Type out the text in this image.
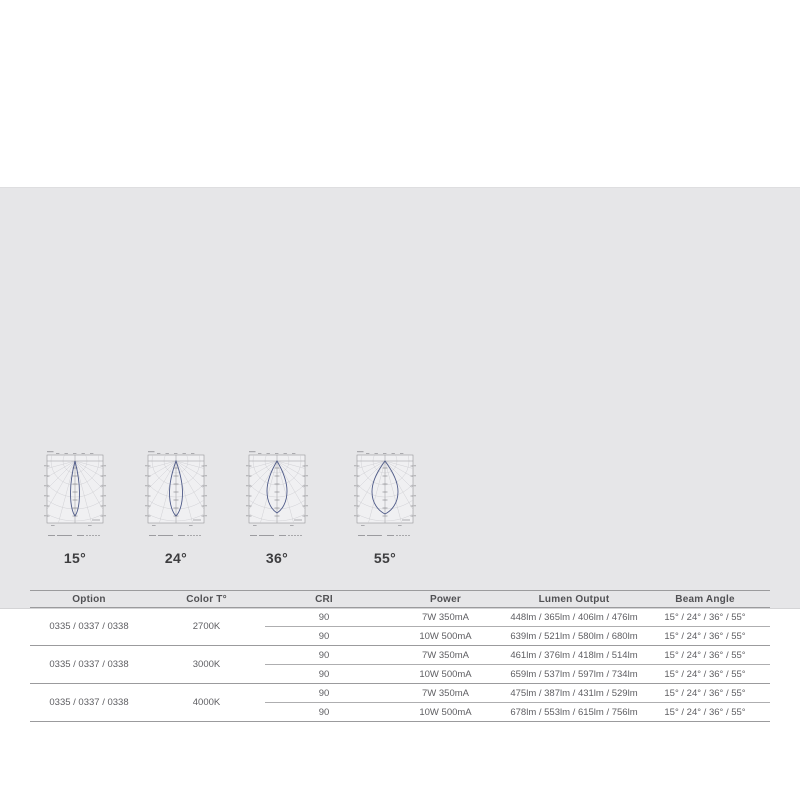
15°	24°	36°	55°
Option	Color T°	CRI	Power	Lumen Output	Beam Angle
0335 / 0337 / 0338	2700K	90	7W 350mA	448lm / 365lm / 406lm / 476lm	15° / 24° / 36° / 55°
		90	10W 500mA	639lm / 521lm / 580lm / 680lm	15° / 24° / 36° / 55°
0335 / 0337 / 0338	3000K	90	7W 350mA	461lm / 376lm / 418lm / 514lm	15° / 24° / 36° / 55°
		90	10W 500mA	659lm / 537lm / 597lm / 734lm	15° / 24° / 36° / 55°
0335 / 0337 / 0338	4000K	90	7W 350mA	475lm / 387lm / 431lm / 529lm	15° / 24° / 36° / 55°
		90	10W 500mA	678lm / 553lm / 615lm / 756lm	15° / 24° / 36° / 55°
